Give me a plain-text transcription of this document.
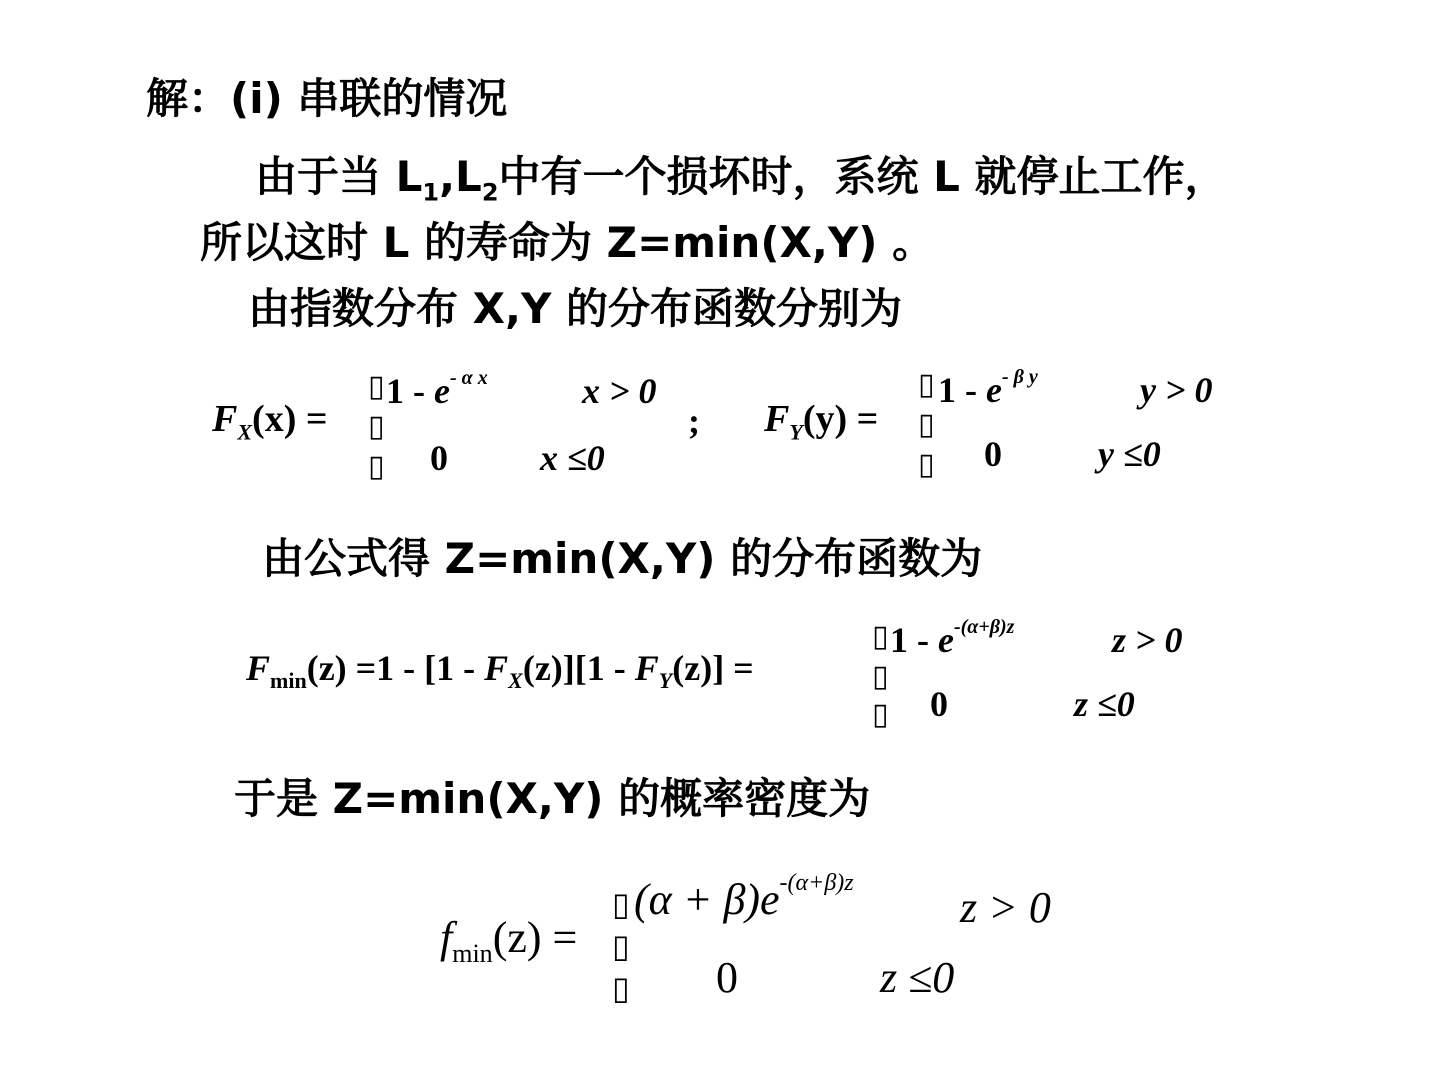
解：(i) 串联的情况
由于当 $L_1,L_2$中有一个损坏时，系统 L 就停止工作，
所以这时 L 的寿命为 Z=min(X,Y) 。
由指数分布 X,Y 的分布函数分别为
$F_X(x)$ =
▯
▯
▯
$1 - e^{- \alpha x}$	x > 0
0	x ≤0
; $F_Y(y)$ =
▯
▯
▯
$1 - e^{- \beta y}$	y > 0
0	y ≤0
由公式得 Z=min(X,Y) 的分布函数为
$F_{min}(z) =1 - [1 - F_X(z)][1 - F_Y(z)]$ =
▯
▯
▯
$1 - e^{-(\alpha+\beta)z}$	z > 0
0	z ≤0
于是 Z=min(X,Y) 的概率密度为
$f_{min}(z)$ =
▯
▯
▯
$(\alpha + \beta)e^{-(\alpha+\beta)z}$ z > 0
0	z ≤0
